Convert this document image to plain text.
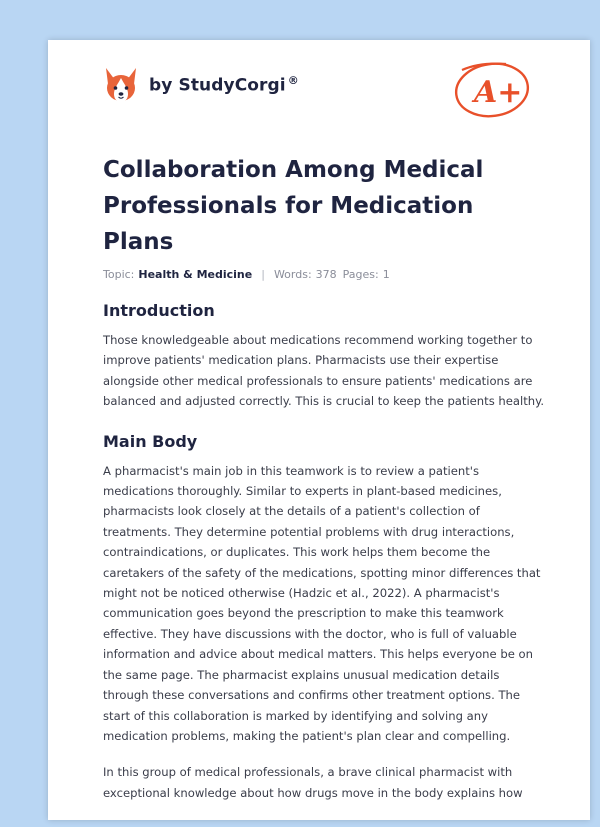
by StudyCorgi ®	A+
Collaboration Among Medical Professionals for Medication Plans
Topic: Health & Medicine | Words: 378 Pages: 1
Introduction

Those knowledgeable about medications recommend working together to improve patients' medication plans. Pharmacists use their expertise alongside other medical professionals to ensure patients' medications are balanced and adjusted correctly. This is crucial to keep the patients healthy.

Main Body

A pharmacist's main job in this teamwork is to review a patient's medications thoroughly. Similar to experts in plant-based medicines, pharmacists look closely at the details of a patient's collection of treatments. They determine potential problems with drug interactions, contraindications, or duplicates. This work helps them become the caretakers of the safety of the medications, spotting minor differences that might not be noticed otherwise (Hadzic et al., 2022). A pharmacist's communication goes beyond the prescription to make this teamwork effective. They have discussions with the doctor, who is full of valuable information and advice about medical matters. This helps everyone be on the same page. The pharmacist explains unusual medication details through these conversations and confirms other treatment options. The start of this collaboration is marked by identifying and solving any medication problems, making the patient's plan clear and compelling.

In this group of medical professionals, a brave clinical pharmacist with exceptional knowledge about how drugs move in the body explains how
